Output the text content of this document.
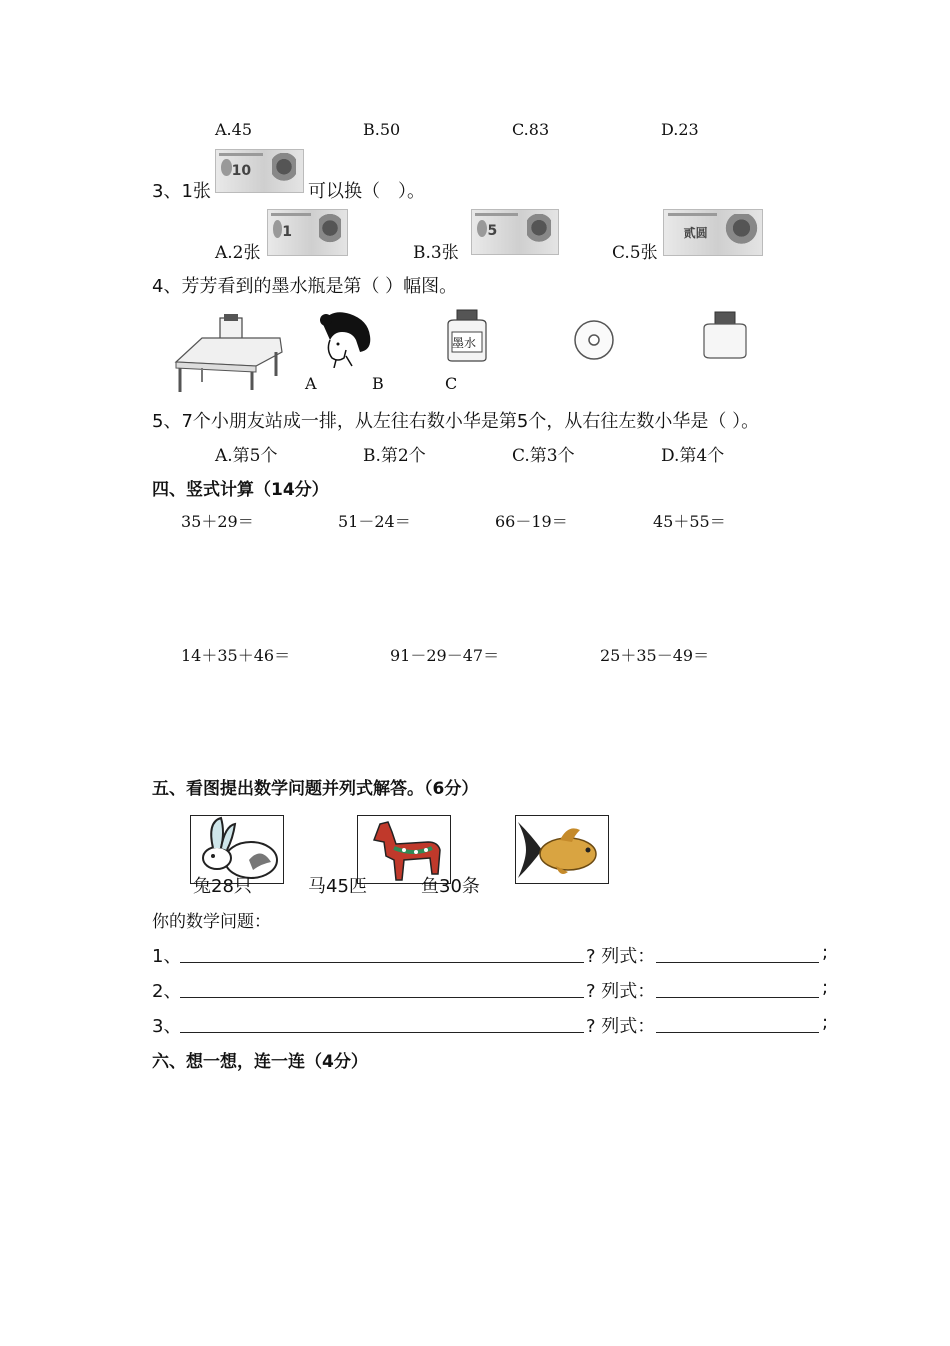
A.45	B.50	C.83	D.23
3、1张
10
可以换（　）。
A.2张
1
B.3张
5
C.5张
贰圆
4、芳芳看到的墨水瓶是第（ ）幅图。
墨水
A	B	C
5、7个小朋友站成一排，从左往右数小华是第5个，从右往左数小华是（ ）。
A.第5个	B.第2个	C.第3个	D.第4个
四、竖式计算（14分）
35＋29＝	51－24＝	66－19＝	45＋55＝
14＋35＋46＝	91－29－47＝	25＋35－49＝
五、看图提出数学问题并列式解答。（6分）
兔28只	马45匹	鱼30条
你的数学问题：
1、	? 列式：	;
2、	? 列式：	;
3、	? 列式：	;
六、想一想，连一连（4分）
